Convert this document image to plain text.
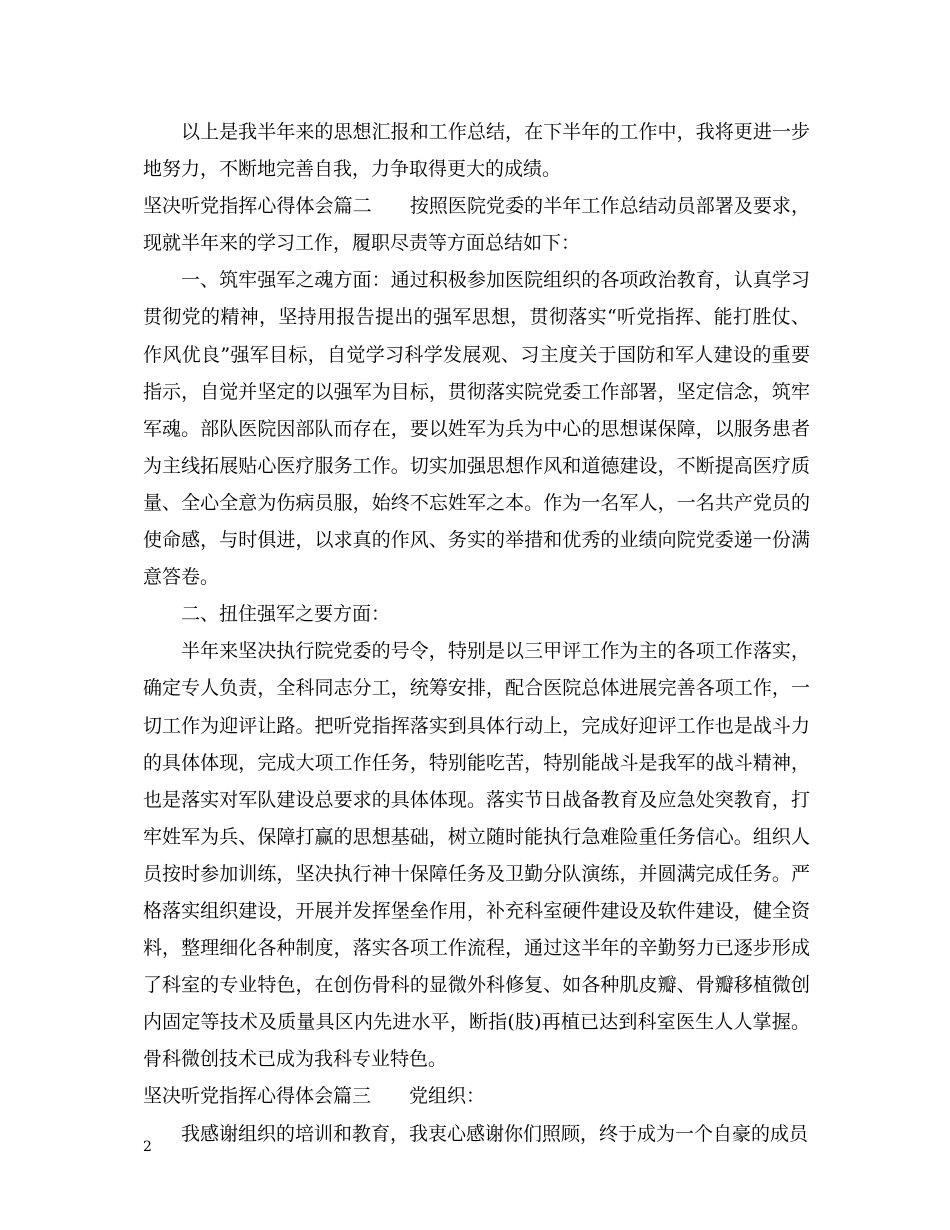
以上是我半年来的思想汇报和工作总结，在下半年的工作中，我将更进一步地努力，不断地完善自我，力争取得更大的成绩。

坚决听党指挥心得体会篇二　　按照医院党委的半年工作总结动员部署及要求，现就半年来的学习工作，履职尽责等方面总结如下：

一、筑牢强军之魂方面：通过积极参加医院组织的各项政治教育，认真学习贯彻党的精神，坚持用报告提出的强军思想，贯彻落实“听党指挥、能打胜仗、作风优良”强军目标，自觉学习科学发展观、习主度关于国防和军人建设的重要指示，自觉并坚定的以强军为目标，贯彻落实院党委工作部署，坚定信念，筑牢军魂。部队医院因部队而存在，要以姓军为兵为中心的思想谋保障，以服务患者为主线拓展贴心医疗服务工作。切实加强思想作风和道德建设，不断提高医疗质量、全心全意为伤病员服，始终不忘姓军之本。作为一名军人，一名共产党员的使命感，与时俱进，以求真的作风、务实的举措和优秀的业绩向院党委递一份满意答卷。

二、扭住强军之要方面：

半年来坚决执行院党委的号令，特别是以三甲评工作为主的各项工作落实，确定专人负责，全科同志分工，统筹安排，配合医院总体进展完善各项工作，一切工作为迎评让路。把听党指挥落实到具体行动上，完成好迎评工作也是战斗力的具体体现，完成大项工作任务，特别能吃苦，特别能战斗是我军的战斗精神，也是落实对军队建设总要求的具体体现。落实节日战备教育及应急处突教育，打牢姓军为兵、保障打赢的思想基础，树立随时能执行急难险重任务信心。组织人员按时参加训练，坚决执行神十保障任务及卫勤分队演练，并圆满完成任务。严格落实组织建设，开展并发挥堡垒作用，补充科室硬件建设及软件建设，健全资料，整理细化各种制度，落实各项工作流程，通过这半年的辛勤努力已逐步形成了科室的专业特色，在创伤骨科的显微外科修复、如各种肌皮瓣、骨瓣移植微创内固定等技术及质量具区内先进水平，断指(肢)再植已达到科室医生人人掌握。骨科微创技术已成为我科专业特色。

坚决听党指挥心得体会篇三　　党组织：

我感谢组织的培训和教育，我衷心感谢你们照顾，终于成为一个自豪的成员

2
